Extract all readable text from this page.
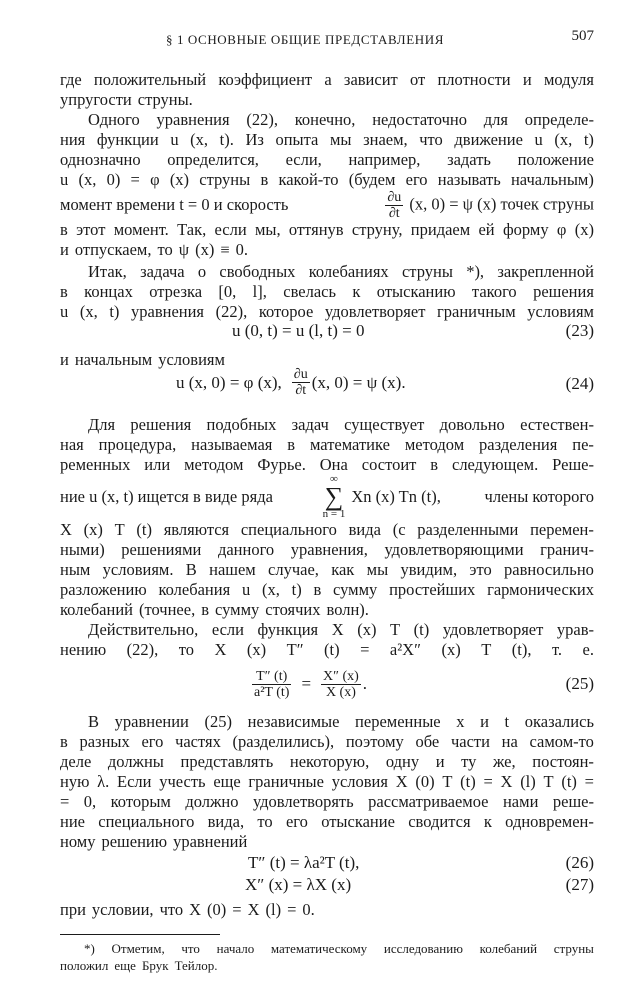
§ 1 ОСНОВНЫЕ ОБЩИЕ ПРЕДСТАВЛЕНИЯ	507
где положительный коэффициент a зависит от плотности и модуля
упругости струны.
Одного уравнения (22), конечно, недостаточно для определе-
ния функции u (x, t). Из опыта мы знаем, что движение u (x, t)
однозначно определится, если, например, задать положение
u (x, 0) = φ (x) струны в какой-то (будем его называть начальным)
в этот момент. Так, если мы, оттянув струну, придаем ей форму φ (x)
и отпускаем, то ψ (x) ≡ 0.
Итак, задача о свободных колебаниях струны *), закрепленной
в концах отрезка [0, l], свелась к отысканию такого решения
u (x, t) уравнения (22), которое удовлетворяет граничным условиям
и начальным условиям
Для решения подобных задач существует довольно естествен-
ная процедура, называемая в математике методом разделения пе-
ременных или методом Фурье. Она состоит в следующем. Реше-
X (x) T (t) являются специального вида (с разделенными перемен-
ными) решениями данного уравнения, удовлетворяющими гранич-
ным условиям. В нашем случае, как мы увидим, это равносильно
разложению колебания u (x, t) в сумму простейших гармонических
колебаний (точнее, в сумму стоячих волн).
Действительно, если функция X (x) T (t) удовлетворяет урав-
нению (22), то X (x) T″ (t) = a²X″ (x) T (t), т. е.
В уравнении (25) независимые переменные x и t оказались
в разных его частях (разделились), поэтому обе части на самом-то
деле должны представлять некоторую, одну и ту же, постоян-
ную λ. Если учесть еще граничные условия X (0) T (t) = X (l) T (t) =
= 0, которым должно удовлетворять рассматриваемое нами реше-
ние специального вида, то его отыскание сводится к одновремен-
ному решению уравнений
при условии, что X (0) = X (l) = 0.
момент времени t = 0 и скорость	$\frac{\partial u}{\partial t} (x$, 0) = ψ (x) точек струны
u (0, t) = u (l, t) = 0	(23)
u (x, 0) = φ (x), $\frac{\partial u}{\partial t} (x$, 0) = ψ (x).	(24)
ние u (x, t) ищется в виде ряда
∞
∑
n = 1
Xn (x) Tn (t),	члены которого
$\frac{T'' (t)}{\text{a²T (t)}} = \frac{X'' (x)}{X (x)}$ .	(25)
T″ (t) = λa²T (t),	(26)
X″ (x) = λX (x)	(27)
*) Отметим, что начало математическому исследованию колебаний струны
положил еще Брук Тейлор.
